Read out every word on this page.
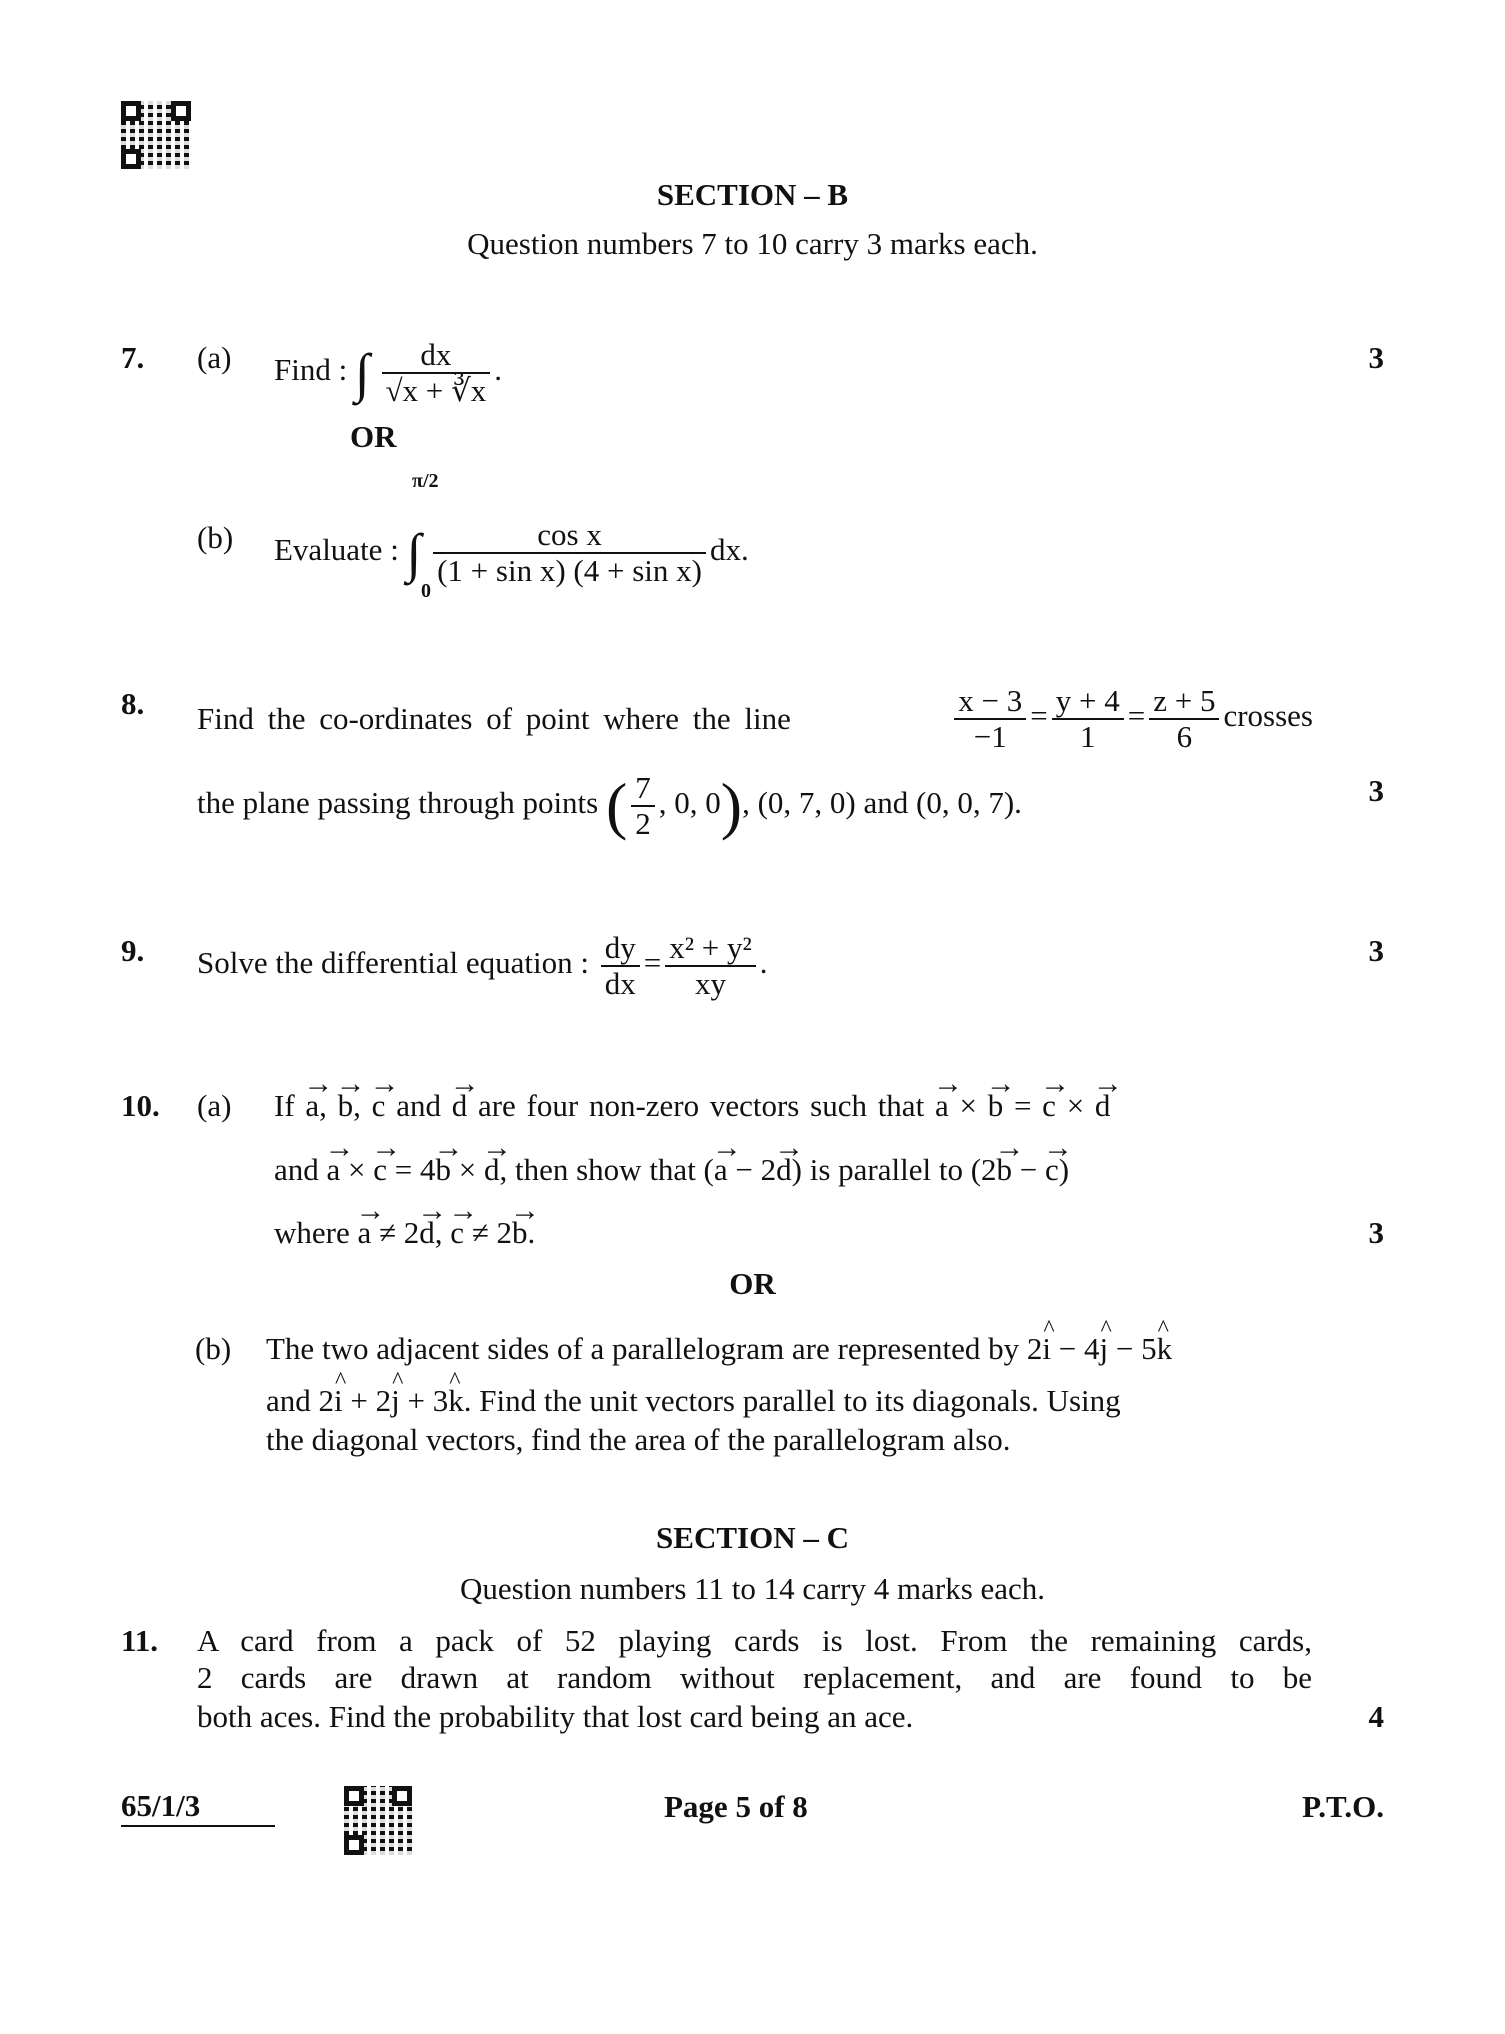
SECTION – B
Question numbers 7 to 10 carry 3 marks each.
7. (a) Find : ∫ $\frac{dx}{√x + ∛x}$ .	3
OR
(b)
π/2
0
Evaluate : ∫ $\frac{\text{cos x}}{\text{(1 + sin x) (4 + sin x)}}$ dx.
8. Find the co-ordinates of point where the line	$\frac{x - 3}{-1} = \frac{y + 4}{1} = \frac{z + 5}{6}$ crosses
the plane passing through points ( $\frac{7}{2}$ , 0, 0), (0, 7, 0) and (0, 0, 7).	3
9. Solve the differential equation : $\frac{dy}{dx} = \frac{\text{x² + y²}}{xy}$ .	3
10. (a) If → a, → b, → c and → d are four non-zero vectors such that → a × → b = → c × → d
and → a × → c = 4→ b × → d, then show that (→ a − 2→ d) is parallel to (2→ b − → c)
where → a ≠ 2→ d, → c ≠ 2→ b.	3
OR
(b) The two adjacent sides of a parallelogram are represented by 2^ i − 4^ j − 5^ k
and 2^ i + 2^ j + 3^ k. Find the unit vectors parallel to its diagonals. Using
the diagonal vectors, find the area of the parallelogram also.
SECTION – C
Question numbers 11 to 14 carry 4 marks each.
11. A card from a pack of 52 playing cards is lost. From the remaining cards,
2 cards are drawn at random without replacement, and are found to be
both aces. Find the probability that lost card being an ace.	4
65/1/3	Page 5 of 8	P.T.O.
